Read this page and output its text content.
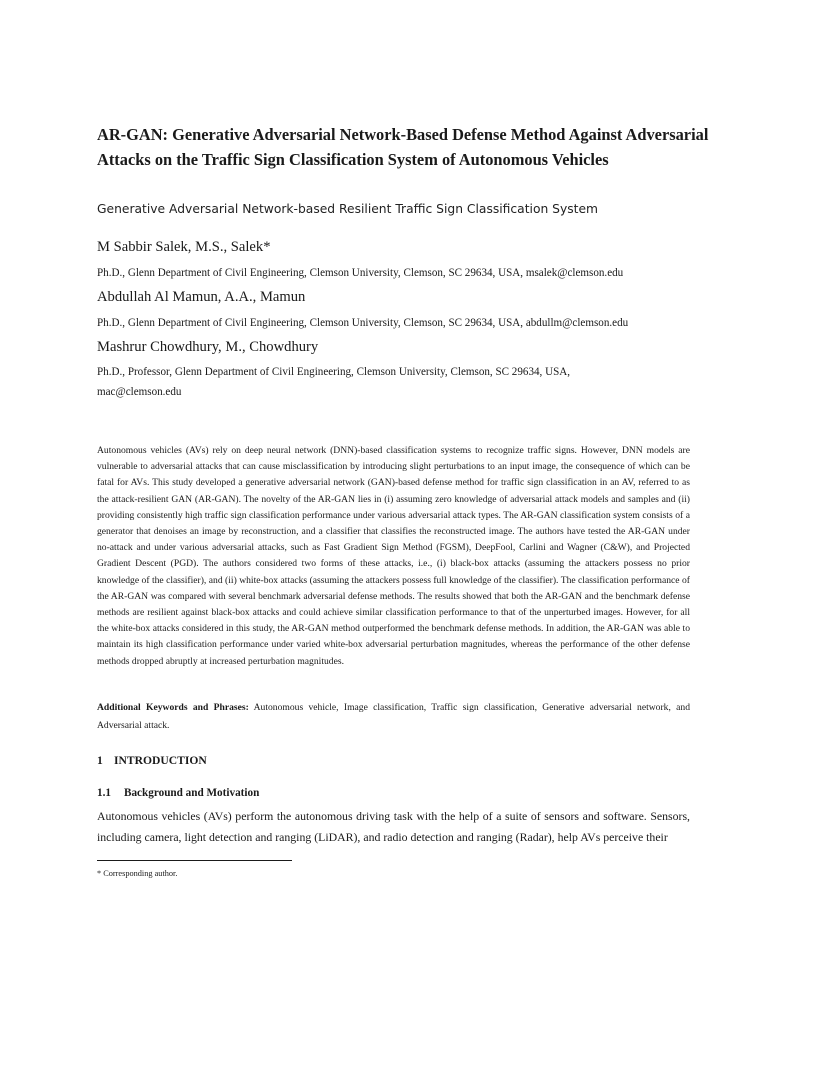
AR-GAN: Generative Adversarial Network-Based Defense Method Against Adversarial Attacks on the Traffic Sign Classification System of Autonomous Vehicles
Generative Adversarial Network-based Resilient Traffic Sign Classification System
M Sabbir Salek, M.S., Salek*
Ph.D., Glenn Department of Civil Engineering, Clemson University, Clemson, SC 29634, USA, msalek@clemson.edu
Abdullah Al Mamun, A.A., Mamun
Ph.D., Glenn Department of Civil Engineering, Clemson University, Clemson, SC 29634, USA, abdullm@clemson.edu
Mashrur Chowdhury, M., Chowdhury
Ph.D., Professor, Glenn Department of Civil Engineering, Clemson University, Clemson, SC 29634, USA, mac@clemson.edu

Autonomous vehicles (AVs) rely on deep neural network (DNN)-based classification systems to recognize traffic signs. However, DNN models are vulnerable to adversarial attacks that can cause misclassification by introducing slight perturbations to an input image, the consequence of which can be fatal for AVs. This study developed a generative adversarial network (GAN)-based defense method for traffic sign classification in an AV, referred to as the attack-resilient GAN (AR-GAN). The novelty of the AR-GAN lies in (i) assuming zero knowledge of adversarial attack models and samples and (ii) providing consistently high traffic sign classification performance under various adversarial attack types. The AR-GAN classification system consists of a generator that denoises an image by reconstruction, and a classifier that classifies the reconstructed image. The authors have tested the AR-GAN under no-attack and under various adversarial attacks, such as Fast Gradient Sign Method (FGSM), DeepFool, Carlini and Wagner (C&W), and Projected Gradient Descent (PGD). The authors considered two forms of these attacks, i.e., (i) black-box attacks (assuming the attackers possess no prior knowledge of the classifier), and (ii) white-box attacks (assuming the attackers possess full knowledge of the classifier). The classification performance of the AR-GAN was compared with several benchmark adversarial defense methods. The results showed that both the AR-GAN and the benchmark defense methods are resilient against black-box attacks and could achieve similar classification performance to that of the unperturbed images. However, for all the white-box attacks considered in this study, the AR-GAN method outperformed the benchmark defense methods. In addition, the AR-GAN was able to maintain its high classification performance under varied white-box adversarial perturbation magnitudes, whereas the performance of the other defense methods dropped abruptly at increased perturbation magnitudes.

Additional Keywords and Phrases: Autonomous vehicle, Image classification, Traffic sign classification, Generative adversarial network, and Adversarial attack.

1 INTRODUCTION
1.1 Background and Motivation

Autonomous vehicles (AVs) perform the autonomous driving task with the help of a suite of sensors and software. Sensors, including camera, light detection and ranging (LiDAR), and radio detection and ranging (Radar), help AVs perceive their

* Corresponding author.
